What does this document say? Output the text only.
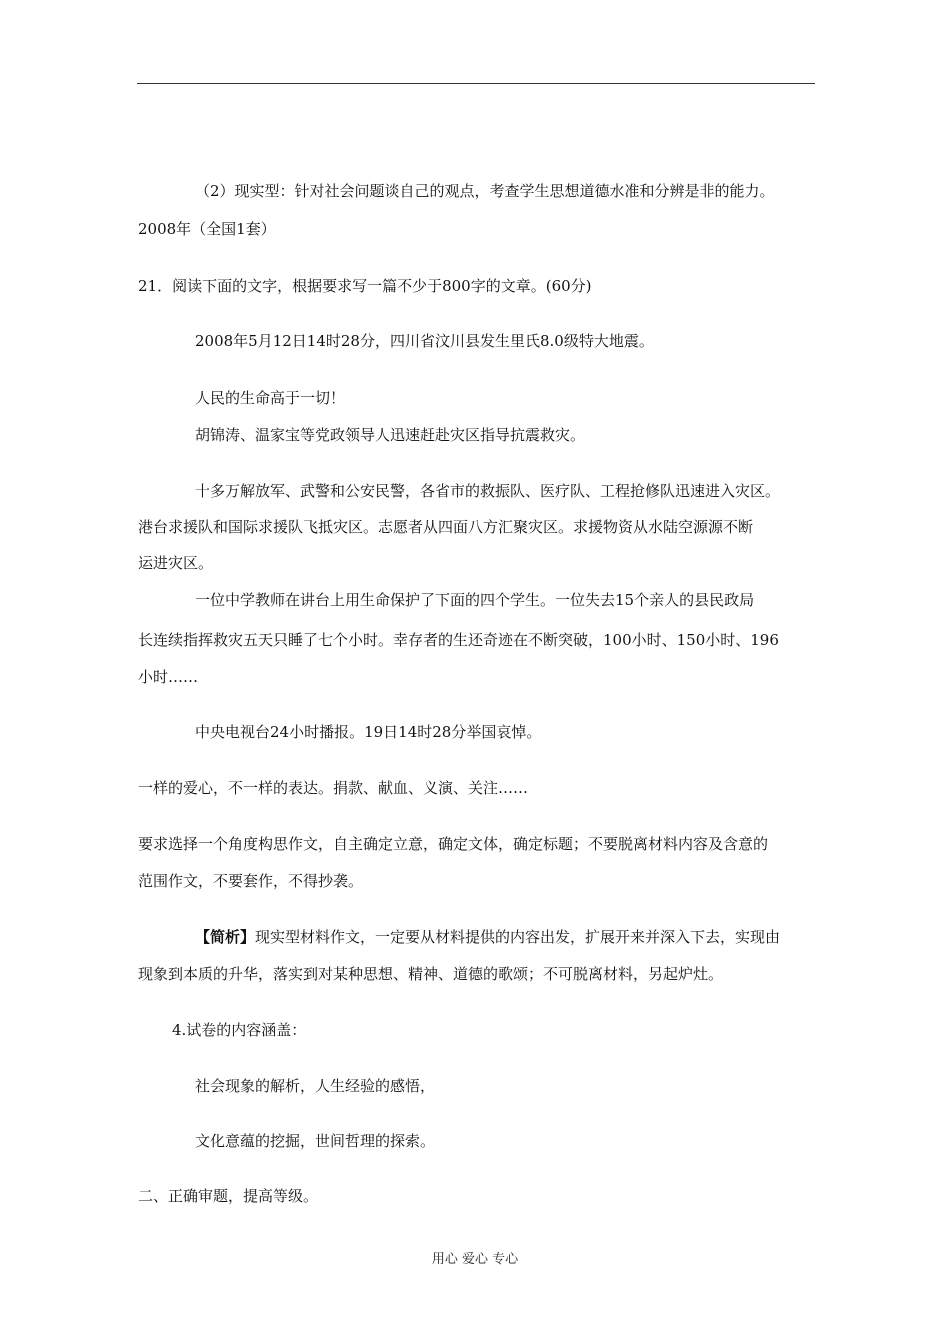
（2）现实型：针对社会问题谈自己的观点，考查学生思想道德水准和分辨是非的能力。
2008年（全国1套）
21．阅读下面的文字，根据要求写一篇不少于800字的文章。(60分)
2008年5月12日14时28分，四川省汶川县发生里氏8.0级特大地震。
人民的生命高于一切！
胡锦涛、温家宝等党政领导人迅速赶赴灾区指导抗震救灾。
十多万解放军、武警和公安民警，各省市的救振队、医疗队、工程抢修队迅速进入灾区。
港台求援队和国际求援队飞抵灾区。志愿者从四面八方汇聚灾区。求援物资从水陆空源源不断
运进灾区。
一位中学教师在讲台上用生命保护了下面的四个学生。一位失去15个亲人的县民政局
长连续指挥救灾五天只睡了七个小时。幸存者的生还奇迹在不断突破，100小时、150小时、196
小时……
中央电视台24小时播报。19日14时28分举国哀悼。
一样的爱心，不一样的表达。捐款、献血、义演、关注……
要求选择一个角度构思作文，自主确定立意，确定文体，确定标题；不要脱离材料内容及含意的
范围作文，不要套作，不得抄袭。
【简析】现实型材料作文，一定要从材料提供的内容出发，扩展开来并深入下去，实现由
现象到本质的升华，落实到对某种思想、精神、道德的歌颂；不可脱离材料，另起炉灶。
4.试卷的内容涵盖：
社会现象的解析，人生经验的感悟，
文化意蕴的挖掘，世间哲理的探索。
二、正确审题，提高等级。
用心 爱心 专心
